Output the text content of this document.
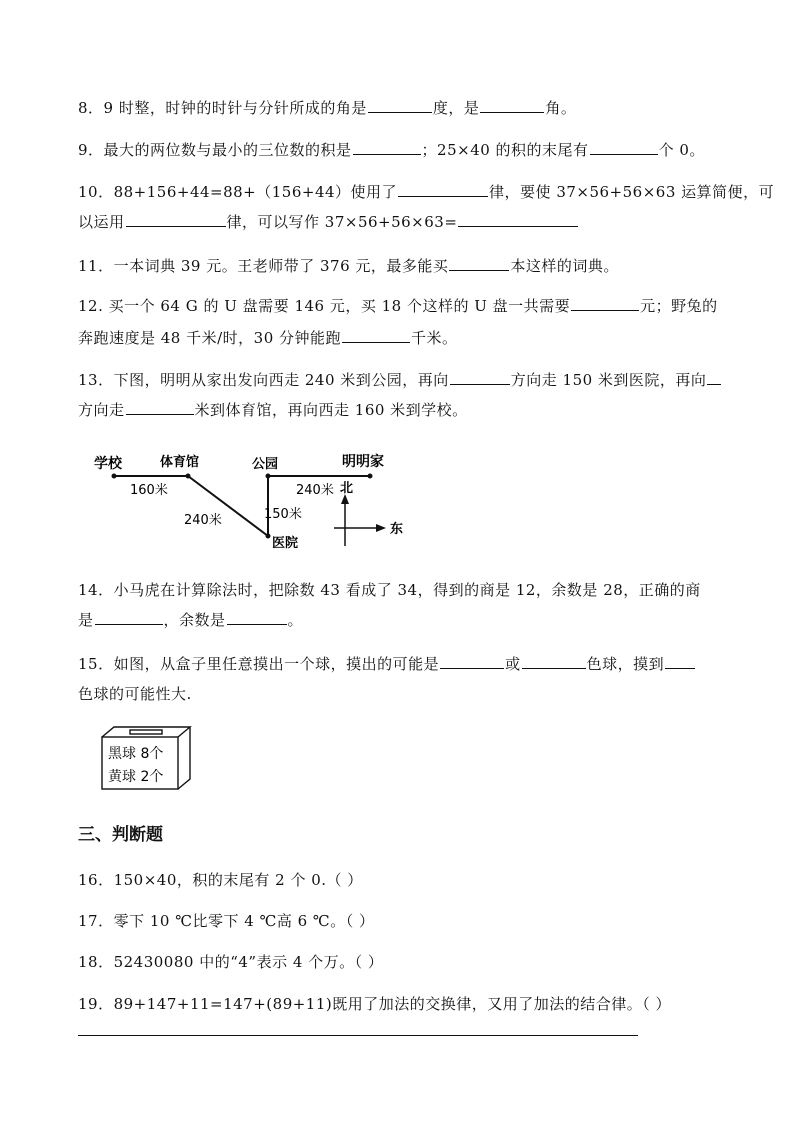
8．9 时整，时钟的时针与分针所成的角是	度，是	角。
9．最大的两位数与最小的三位数的积是	；25×40 的积的末尾有	个 0。
10．88+156+44=88+（156+44）使用了	律，要使 37×56+56×63 运算简便，可
以运用	律，可以写作 37×56+56×63=
11．一本词典 39 元。王老师带了 376 元，最多能买	本这样的词典。
12. 买一个 64 G 的 U 盘需要 146 元，买 18 个这样的 U 盘一共需要	元；野兔的
奔跑速度是 48 千米/时，30 分钟能跑	千米。
13．下图，明明从家出发向西走 240 米到公园，再向	方向走 150 米到医院，再向
方向走	米到体育馆，再向西走 160 米到学校。
学校	体育馆	公园	明明家
医院
160米
240米	150米
240米 北
东
14．小马虎在计算除法时，把除数 43 看成了 34，得到的商是 12，余数是 28，正确的商
是	，余数是	。
15．如图，从盒子里任意摸出一个球，摸出的可能是	或	色球，摸到
色球的可能性大.
黑球 8个
黄球 2个
三、判断题
16．150×40，积的末尾有 2 个 0.（ ）
17．零下 10 ℃比零下 4 ℃高 6 ℃。（ ）
18．52430080 中的“4”表示 4 个万。（ ）
19．89+147+11=147+(89+11)既用了加法的交换律，又用了加法的结合律。（ ）
